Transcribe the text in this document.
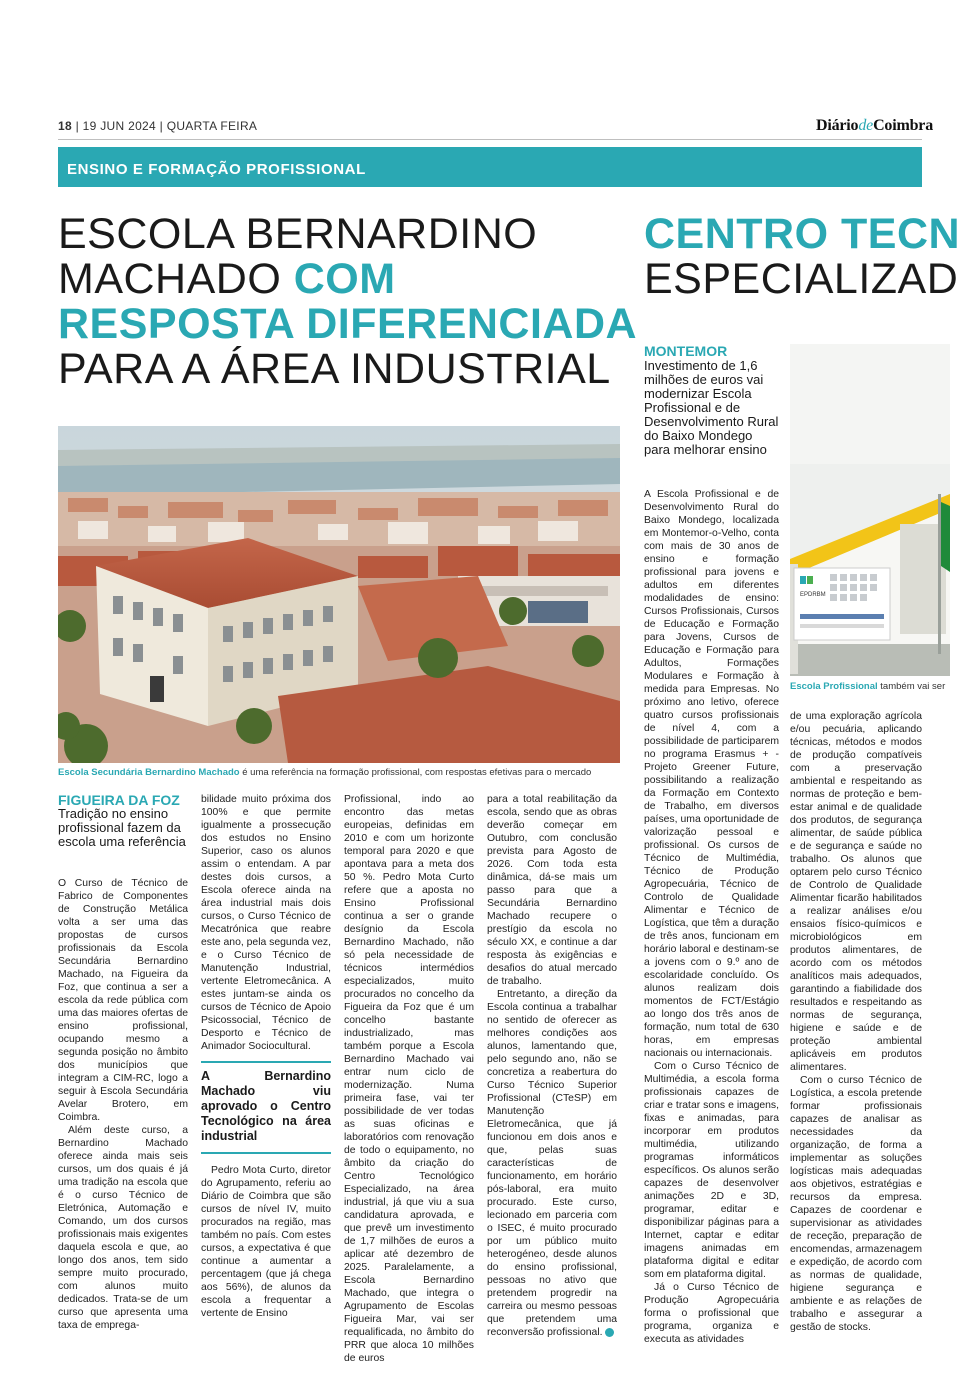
18 | 19 JUN 2024 | QUARTA FEIRA	DiáriodeCoimbra
ENSINO E FORMAÇÃO PROFISSIONAL
ESCOLA BERNARDINO
MACHADO COM
RESPOSTA DIFERENCIADA
PARA A ÁREA INDUSTRIAL
CENTRO TECN
ESPECIALIZAD
Escola Secundária Bernardino Machado é uma referência na formação profissional, com respostas efetivas para o mercado
FIGUEIRA DA FOZ
Tradição no ensino profissional fazem da escola uma referência

O Curso de Técnico de Fabrico de Componentes de Construção Metálica volta a ser uma das propostas de cursos profissionais da Escola Secundária Bernardino Machado, na Figueira da Foz, que continua a ser a escola da rede pública com uma das maiores ofertas de ensino profissional, ocupando mesmo a segunda posição no âmbito dos municípios que integram a CIM-RC, logo a seguir à Escola Secundária Avelar Brotero, em Coimbra.

Além deste curso, a Bernardino Machado oferece ainda mais seis cursos, um dos quais é já uma tradição na escola que é o curso Técnico de Eletrónica, Automação e Comando, um dos cursos profissionais mais exigentes daquela escola e que, ao longo dos anos, tem sido sempre muito procurado, com alunos muito dedicados. Trata-se de um curso que apresenta uma taxa de emprega-

bilidade muito próxima dos 100% e que permite igualmente a prossecução dos estudos no Ensino Superior, caso os alunos assim o entendam. A par destes dois cursos, a Escola oferece ainda na área industrial mais dois cursos, o Curso Técnico de Mecatrónica que reabre este ano, pela segunda vez, e o Curso Técnico de Manutenção Industrial, vertente Eletromecânica. A estes juntam-se ainda os cursos de Técnico de Apoio Psicossocial, Técnico de Desporto e Técnico de Animador Sociocultural.

A Bernardino Machado viu aprovado o Centro Tecnológico na área industrial

Pedro Mota Curto, diretor do Agrupamento, referiu ao Diário de Coimbra que são cursos de nível IV, muito procurados na região, mas também no país. Com estes cursos, a expectativa é que continue a aumentar a percentagem (que já chega aos 56%), de alunos da escola a frequentar a vertente de Ensino

Profissional, indo ao encontro das metas europeias, definidas em 2010 e com um horizonte temporal para 2020 e que apontava para a meta dos 50 %. Pedro Mota Curto refere que a aposta no Ensino Profissional continua a ser o grande desígnio da Escola Bernardino Machado, não só pela necessidade de técnicos intermédios especializados, muito procurados no concelho da Figueira da Foz que é um concelho bastante industrializado, mas também porque a Escola Bernardino Machado vai entrar num ciclo de modernização. Numa primeira fase, vai ter possibilidade de ver todas as suas oficinas e laboratórios com renovação de todo o equipamento, no âmbito da criação do Centro Tecnológico Especializado, na área industrial, já que viu a sua candidatura aprovada, e que prevê um investimento de 1,7 milhões de euros a aplicar até dezembro de 2025. Paralelamente, a Escola Bernardino Machado, que integra o Agrupamento de Escolas Figueira Mar, vai ser requalificada, no âmbito do PRR que aloca 10 milhões de euros

para a total reabilitação da escola, sendo que as obras deverão começar em Outubro, com conclusão prevista para Agosto de 2026. Com toda esta dinâmica, dá-se mais um passo para que a Secundária Bernardino Machado recupere o prestígio da escola no século XX, e continue a dar resposta às exigências e desafios do atual mercado de trabalho.

Entretanto, a direção da Escola continua a trabalhar no sentido de oferecer as melhores condições aos alunos, lamentando que, pelo segundo ano, não se concretiza a reabertura do Curso Técnico Superior Profissional (CTeSP) em Manutenção Eletromecânica, que já funcionou em dois anos e que, pelas suas características de funcionamento, em horário pós-laboral, era muito procurado. Este curso, lecionado em parceria com o ISEC, é muito procurado por um público muito heterogéneo, desde alunos do ensino profissional, pessoas no ativo que pretendem progredir na carreira ou mesmo pessoas que pretendem uma reconversão profissional.

MONTEMOR Investimento de 1,6 milhões de euros vai modernizar Escola Profissional e de Desenvolvimento Rural do Baixo Mondego para melhorar ensino
EPDRBM
Escola Profissional também vai ser

A Escola Profissional e de Desenvolvimento Rural do Baixo Mondego, localizada em Montemor-o-Velho, conta com mais de 30 anos de ensino e formação profissional para jovens e adultos em diferentes modalidades de ensino: Cursos Profissionais, Cursos de Educação e Formação para Jovens, Cursos de Educação e Formação para Adultos, Formações Modulares e Formação à medida para Empresas. No próximo ano letivo, oferece quatro cursos profissionais de nível 4, com a possibilidade de participarem no programa Erasmus + - Projeto Greener Future, possibilitando a realização da Formação em Contexto de Trabalho, em diversos países, uma oportunidade de valorização pessoal e profissional. Os cursos de Técnico de Multimédia, Técnico de Produção Agropecuária, Técnico de Controlo de Qualidade Alimentar e Técnico de Logística, que têm a duração de três anos, funcionam em horário laboral e destinam-se a jovens com o 9.º ano de escolaridade concluído. Os alunos realizam dois momentos de FCT/Estágio ao longo dos três anos de formação, num total de 630 horas, em empresas nacionais ou internacionais.

Com o Curso Técnico de Multimédia, a escola forma profissionais capazes de criar e tratar sons e imagens, fixas e animadas, para incorporar em produtos multimédia, utilizando programas informáticos específicos. Os alunos serão capazes de desenvolver animações 2D e 3D, programar, editar e disponibilizar páginas para a Internet, captar e editar imagens animadas em plataforma digital e editar som em plataforma digital.

Já o Curso Técnico de Produção Agropecuária forma o profissional que programa, organiza e executa as atividades

de uma exploração agrícola e/ou pecuária, aplicando técnicas, métodos e modos de produção compatíveis com a preservação ambiental e respeitando as normas de proteção e bem-estar animal e de qualidade dos produtos, de segurança alimentar, de saúde pública e de segurança e saúde no trabalho. Os alunos que optarem pelo curso Técnico de Controlo de Qualidade Alimentar ficarão habilitados a realizar análises e/ou ensaios físico-químicos e microbiológicos em produtos alimentares, de acordo com os métodos analíticos mais adequados, garantindo a fiabilidade dos resultados e respeitando as normas de segurança, higiene e saúde e de proteção ambiental aplicáveis em produtos alimentares.

Com o curso Técnico de Logística, a escola pretende formar profissionais capazes de analisar as necessidades da organização, de forma a implementar as soluções logísticas mais adequadas aos objetivos, estratégias e recursos da empresa. Capazes de coordenar e supervisionar as atividades de receção, preparação de encomendas, armazenagem e expedição, de acordo com as normas de qualidade, higiene segurança e ambiente e as relações de trabalho e assegurar a gestão de stocks.
